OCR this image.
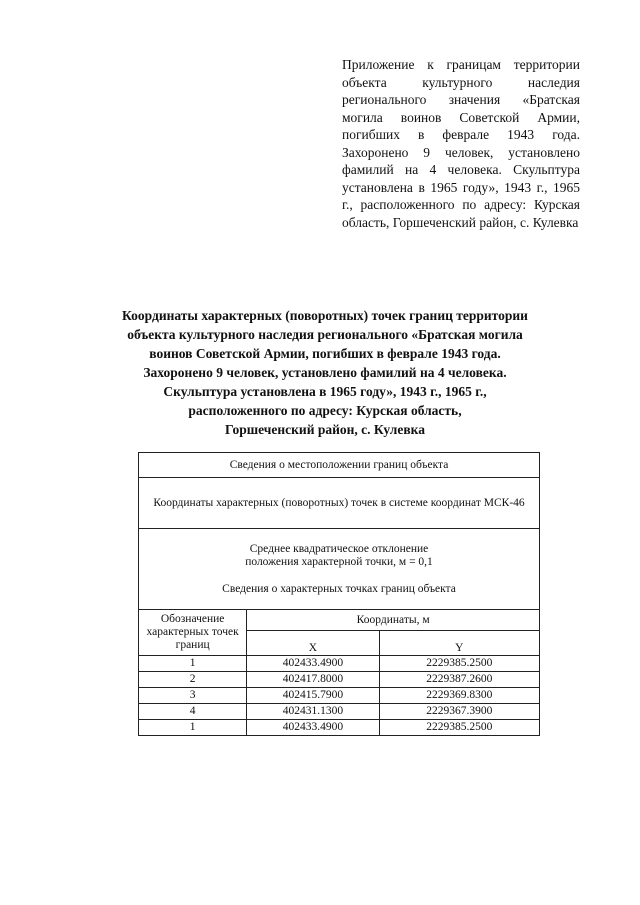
Приложение к границам территории объекта культурного наследия регионального значения «Братская могила воинов Советской Армии, погибших в феврале 1943 года. Захоронено 9 человек, установлено фамилий на 4 человека. Скульптура установлена в 1965 году», 1943 г., 1965 г., расположенного по адресу: Курская область, Горшеченский район, с. Кулевка

Координаты характерных (поворотных) точек границ территории
объекта культурного наследия регионального «Братская могила
воинов Советской Армии, погибших в феврале 1943 года.
Захоронено 9 человек, установлено фамилий на 4 человека.
Скульптура установлена в 1965 году», 1943 г., 1965 г.,
расположенного по адресу: Курская область,
Горшеченский район, с. Кулевка
Сведения о местоположении границ объекта		
Координаты характерных (поворотных) точек в системе координат МСК-46		

Среднее квадратическое отклонение
положения характерной точки, м = 0,1
Сведения о характерных точках границ объекта		

Обозначение характерных точек границ	Координаты, м	
	X	Y
1	402433.4900	2229385.2500
2	402417.8000	2229387.2600
3	402415.7900	2229369.8300
4	402431.1300	2229367.3900
1	402433.4900	2229385.2500
